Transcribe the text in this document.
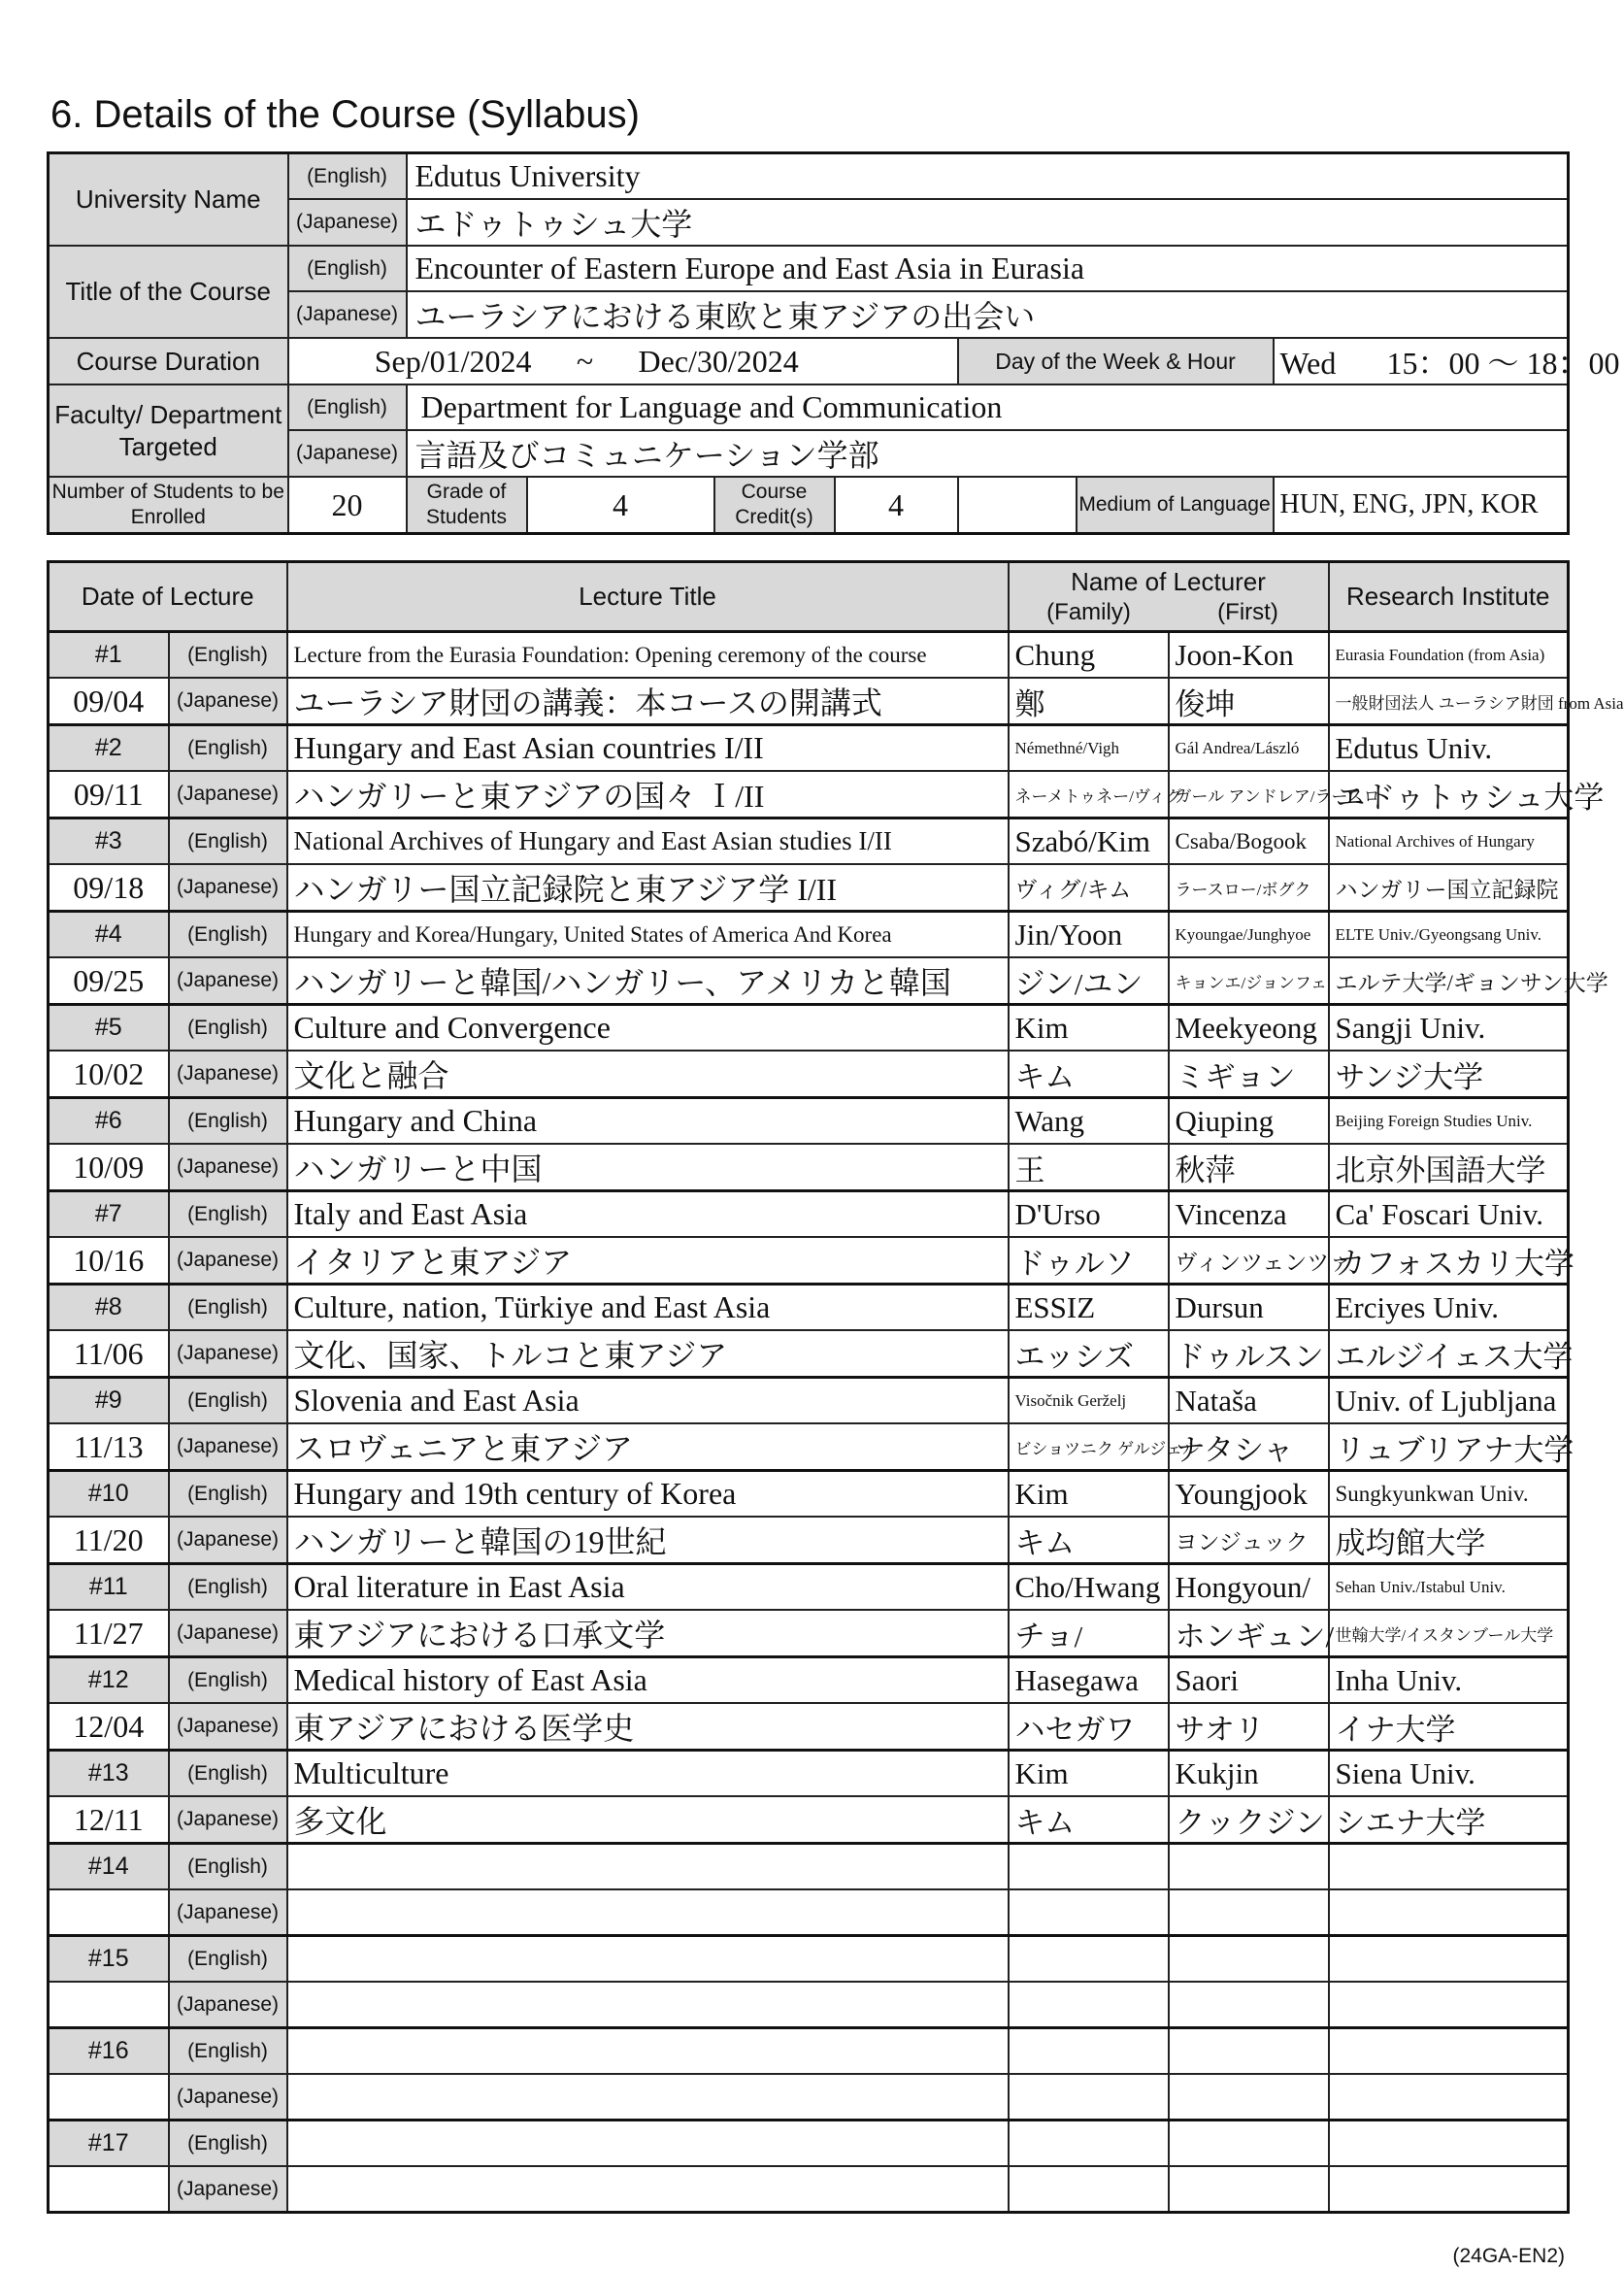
6. Details of the Course (Syllabus)
University Name	(English)	Edutus University					
	(Japanese)	エドゥトゥシュ大学					
Title of the Course	(English)	Encounter of Eastern Europe and East Asia in Eurasia					
	(Japanese)	ユーラシアにおける東欧と東アジアの出会い					
Course Duration	Sep/01/2024 ~ Dec/30/2024				Day of the Week & Hour		Wed 15：00 ～ 18：00
Faculty/ Department Targeted	(English)	Department for Language and Communication					
	(Japanese)	言語及びコミュニケーション学部					
Number of Students to be Enrolled	20	Grade of Students	4	Course Credit(s) 4		Medium of Language	HUN, ENG, JPN, KOR
Date of Lecture		Lecture Title	Name of Lecturer
(Family) (First)		Research Institute
#1	(English)	Lecture from the Eurasia Foundation: Opening ceremony of the course	Chung	Joon-Kon	Eurasia Foundation (from Asia)
09/04	(Japanese)	ユーラシア財団の講義：本コースの開講式	鄭	俊坤	一般財団法人 ユーラシア財団 from Asia
#2	(English)	Hungary and East Asian countries I/II	Némethné/Vigh	Gál Andrea/László	Edutus Univ.
09/11	(Japanese)	ハンガリーと東アジアの国々 Ｉ/II	ネーメトゥネー/ヴィグ	ガール アンドレア/ラースロ	エドゥトゥシュ大学
#3	(English)	National Archives of Hungary and East Asian studies I/II	Szabó/Kim	Csaba/Bogook	National Archives of Hungary
09/18	(Japanese)	ハンガリー国立記録院と東アジア学 I/II	ヴィグ/キム	ラースロー/ボグク	ハンガリー国立記録院
#4	(English)	Hungary and Korea/Hungary, United States of America And Korea	Jin/Yoon	Kyoungae/Junghyoe	ELTE Univ./Gyeongsang Univ.
09/25	(Japanese)	ハンガリーと韓国/ハンガリー、アメリカと韓国	ジン/ユン	キョンエ/ジョンフェ	エルテ大学/ギョンサン大学
#5	(English)	Culture and Convergence	Kim	Meekyeong	Sangji Univ.
10/02	(Japanese)	文化と融合	キム	ミギョン	サンジ大学
#6	(English)	Hungary and China	Wang	Qiuping	Beijing Foreign Studies Univ.
10/09	(Japanese)	ハンガリーと中国	王	秋萍	北京外国語大学
#7	(English)	Italy and East Asia	D'Urso	Vincenza	Ca' Foscari Univ.
10/16	(Japanese)	イタリアと東アジア	ドゥルソ	ヴィンツェンツァ	カフォスカリ大学
#8	(English)	Culture, nation, Türkiye and East Asia	ESSIZ	Dursun	Erciyes Univ.
11/06	(Japanese)	文化、国家、トルコと東アジア	エッシズ	ドゥルスン	エルジイェス大学
#9	(English)	Slovenia and East Asia	Visočnik Gerželj	Nataša	Univ. of Ljubljana
11/13	(Japanese)	スロヴェニアと東アジア	ビショツニク ゲルジェル	ナタシャ	リュブリアナ大学
#10	(English)	Hungary and 19th century of Korea	Kim	Youngjook	Sungkyunkwan Univ.
11/20	(Japanese)	ハンガリーと韓国の19世紀	キム	ヨンジュック	成均館大学
#11	(English)	Oral literature in East Asia	Cho/Hwang	Hongyoun/	Sehan Univ./Istabul Univ.
11/27	(Japanese)	東アジアにおける口承文学	チョ/	ホンギュン/	世翰大学/イスタンブール大学
#12	(English)	Medical history of East Asia	Hasegawa	Saori	Inha Univ.
12/04	(Japanese)	東アジアにおける医学史	ハセガワ	サオリ	イナ大学
#13	(English)	Multiculture	Kim	Kukjin	Siena Univ.
12/11	(Japanese)	多文化	キム	クックジン	シエナ大学
#14	(English)				
	(Japanese)				
#15	(English)				
	(Japanese)				
#16	(English)				
	(Japanese)				
#17	(English)				
	(Japanese)				
(24GA-EN2)
